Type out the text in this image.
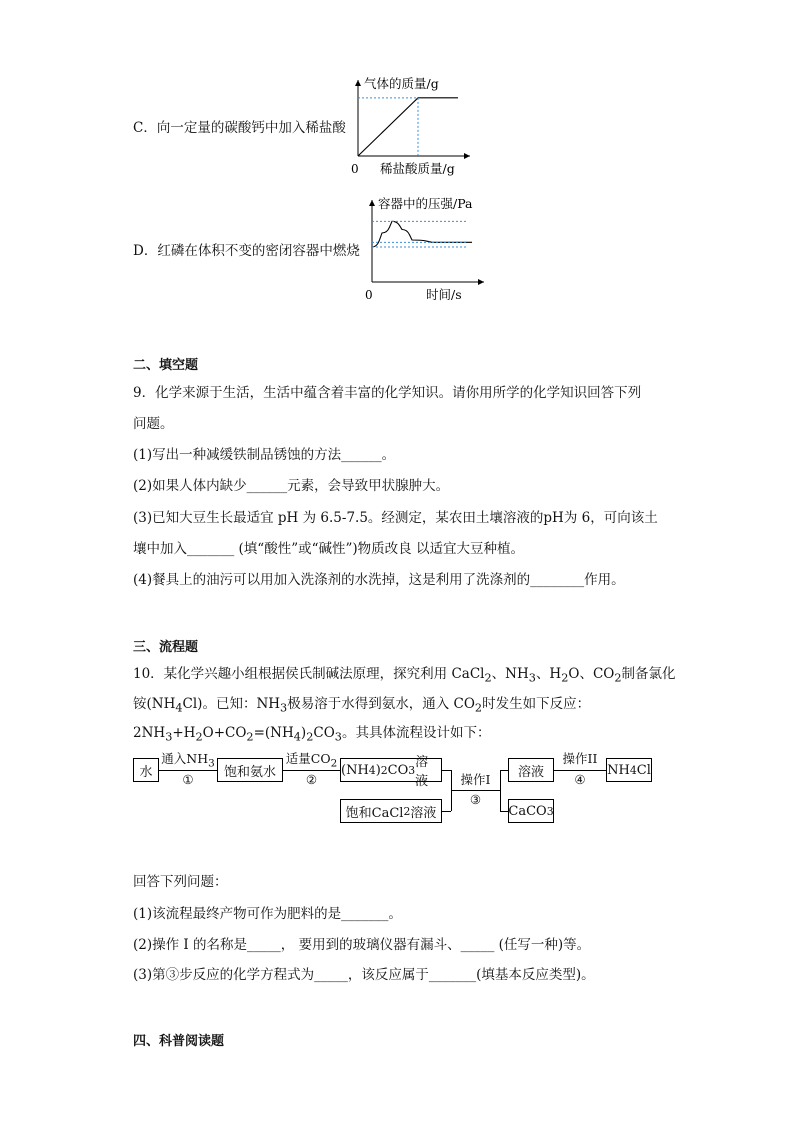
C．向一定量的碳酸钙中加入稀盐酸
气体的质量/g
稀盐酸质量/g
0
D．红磷在体积不变的密闭容器中燃烧
容器中的压强/Pa
时间/s
0
二、填空题
9．化学来源于生活，生活中蕴含着丰富的化学知识。请你用所学的化学知识回答下列
问题。
(1)写出一种减缓铁制品锈蚀的方法______。
(2)如果人体内缺少______元素，会导致甲状腺肿大。
(3)已知大豆生长最适宜 pH 为 6.5-7.5。经测定，某农田土壤溶液的pH为 6，可向该土
壤中加入_______ (填“酸性”或“碱性”)物质改良 以适宜大豆种植。
(4)餐具上的油污可以用加入洗涤剂的水洗掉，这是利用了洗涤剂的________作用。
三、流程题
10．某化学兴趣小组根据侯氏制碱法原理，探究利用 CaCl$_2$、$NH_3$、$H_2O$、$CO_2$制备氯化
铵$(NH_4Cl)$。已知：$NH_3$极易溶于水得到氨水，通入 $CO_2$时发生如下反应：
$2NH_3+H_2O+CO_2=(NH_4)_2CO_3$。其具体流程设计如下：
水
通入$NH_3$
①	饱和氨水
适量$CO_2$
②
(NH 4 ) 2 CO 3 溶液
饱和CaCl 2 溶液
操作I
③
溶液
操作II
④
NH 4 Cl
CaCO 3
回答下列问题：
(1)该流程最终产物可作为肥料的是_______。
(2)操作 I 的名称是_____， 要用到的玻璃仪器有漏斗、_____ (任写一种)等。
(3)第③步反应的化学方程式为_____，该反应属于_______(填基本反应类型)。
四、科普阅读题
